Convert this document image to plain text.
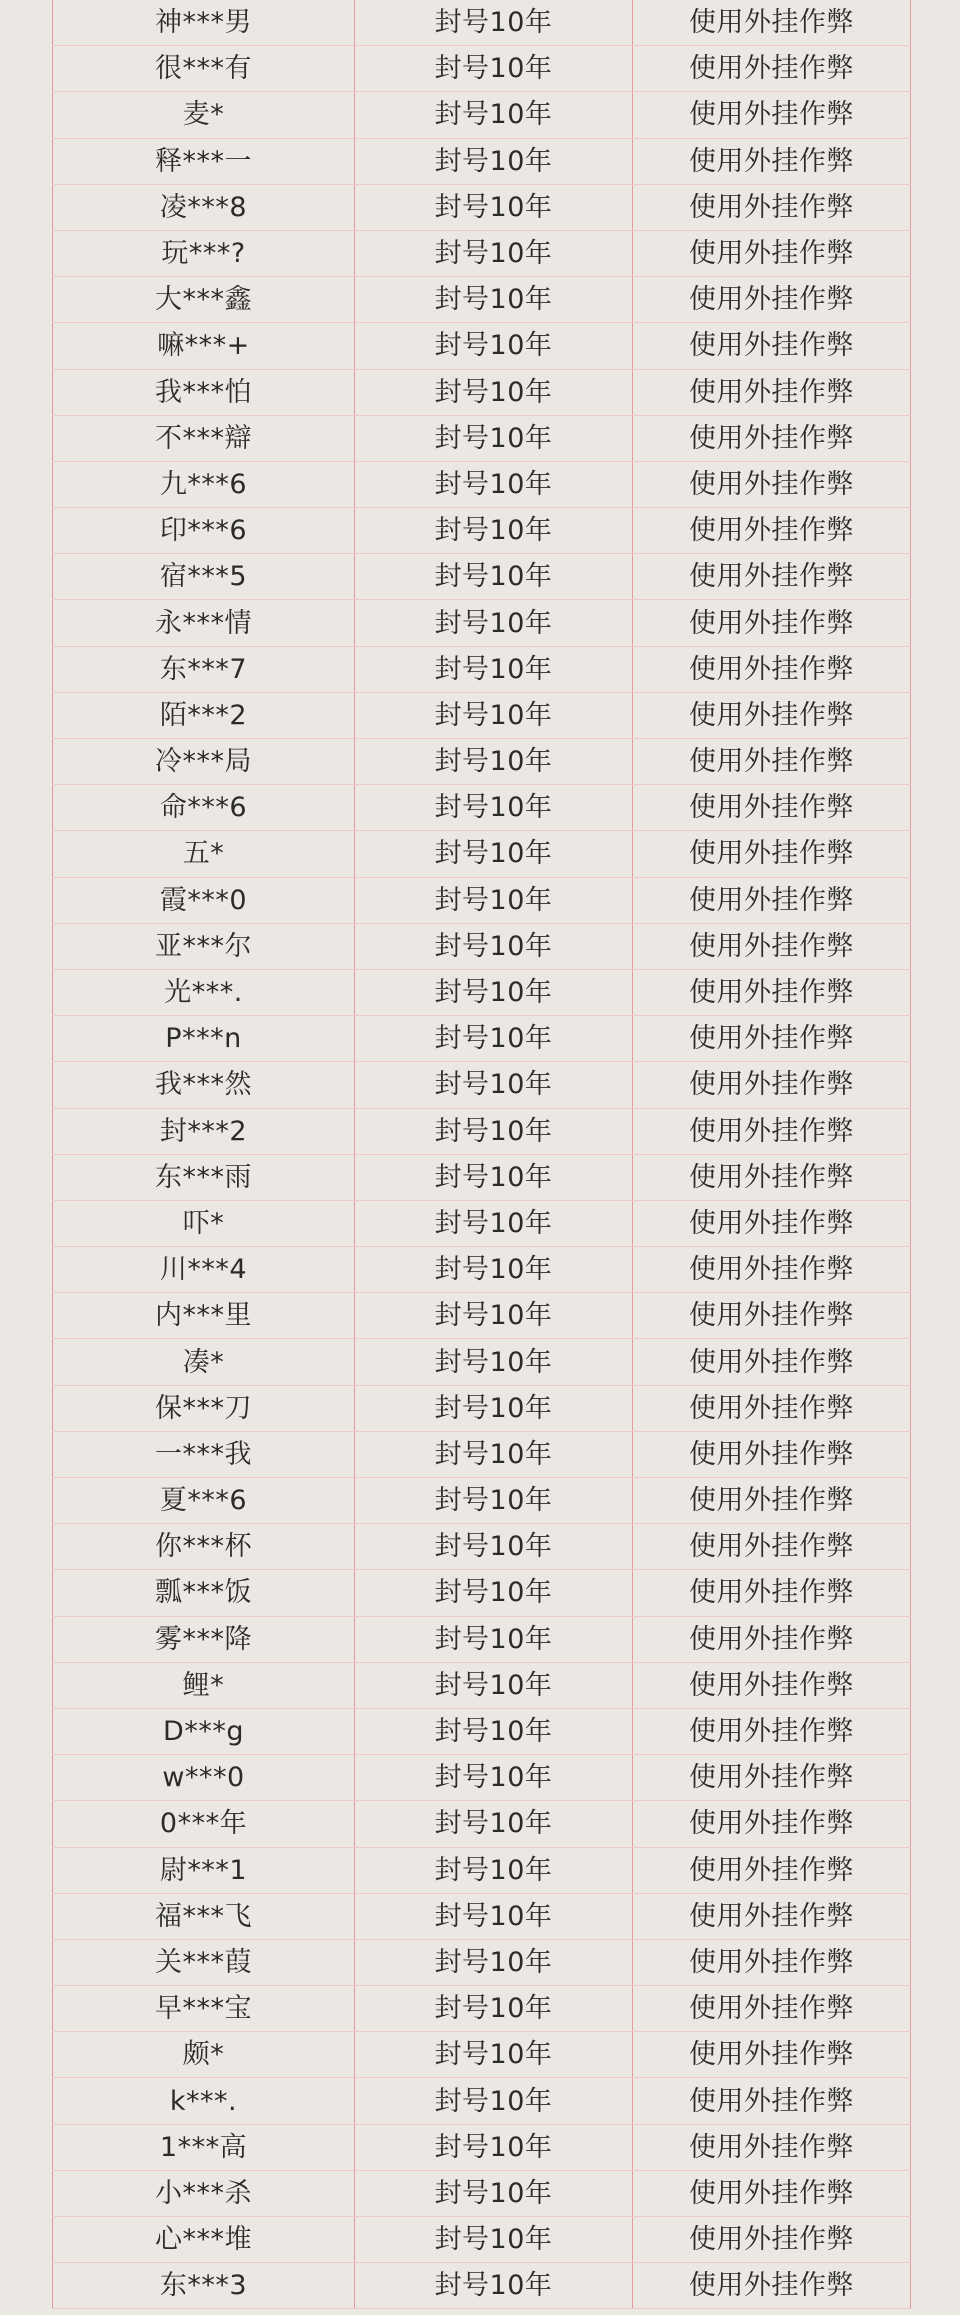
神***男	封号10年	使用外挂作弊
很***有	封号10年	使用外挂作弊
麦*	封号10年	使用外挂作弊
释***一	封号10年	使用外挂作弊
凌***8	封号10年	使用外挂作弊
玩***?	封号10年	使用外挂作弊
大***鑫	封号10年	使用外挂作弊
嘛***+	封号10年	使用外挂作弊
我***怕	封号10年	使用外挂作弊
不***辯	封号10年	使用外挂作弊
九***6	封号10年	使用外挂作弊
印***6	封号10年	使用外挂作弊
宿***5	封号10年	使用外挂作弊
永***情	封号10年	使用外挂作弊
东***7	封号10年	使用外挂作弊
陌***2	封号10年	使用外挂作弊
冷***局	封号10年	使用外挂作弊
命***6	封号10年	使用外挂作弊
五*	封号10年	使用外挂作弊
霞***0	封号10年	使用外挂作弊
亚***尔	封号10年	使用外挂作弊
光***.	封号10年	使用外挂作弊
P***n	封号10年	使用外挂作弊
我***然	封号10年	使用外挂作弊
封***2	封号10年	使用外挂作弊
东***雨	封号10年	使用外挂作弊
吓*	封号10年	使用外挂作弊
川***4	封号10年	使用外挂作弊
内***里	封号10年	使用外挂作弊
凑*	封号10年	使用外挂作弊
保***刀	封号10年	使用外挂作弊
一***我	封号10年	使用外挂作弊
夏***6	封号10年	使用外挂作弊
你***杯	封号10年	使用外挂作弊
瓢***饭	封号10年	使用外挂作弊
雾***降	封号10年	使用外挂作弊
鲤*	封号10年	使用外挂作弊
D***g	封号10年	使用外挂作弊
w***0	封号10年	使用外挂作弊
0***年	封号10年	使用外挂作弊
尉***1	封号10年	使用外挂作弊
福***飞	封号10年	使用外挂作弊
关***葭	封号10年	使用外挂作弊
早***宝	封号10年	使用外挂作弊
颇*	封号10年	使用外挂作弊
k***.	封号10年	使用外挂作弊
1***高	封号10年	使用外挂作弊
小***杀	封号10年	使用外挂作弊
心***堆	封号10年	使用外挂作弊
东***3	封号10年	使用外挂作弊
